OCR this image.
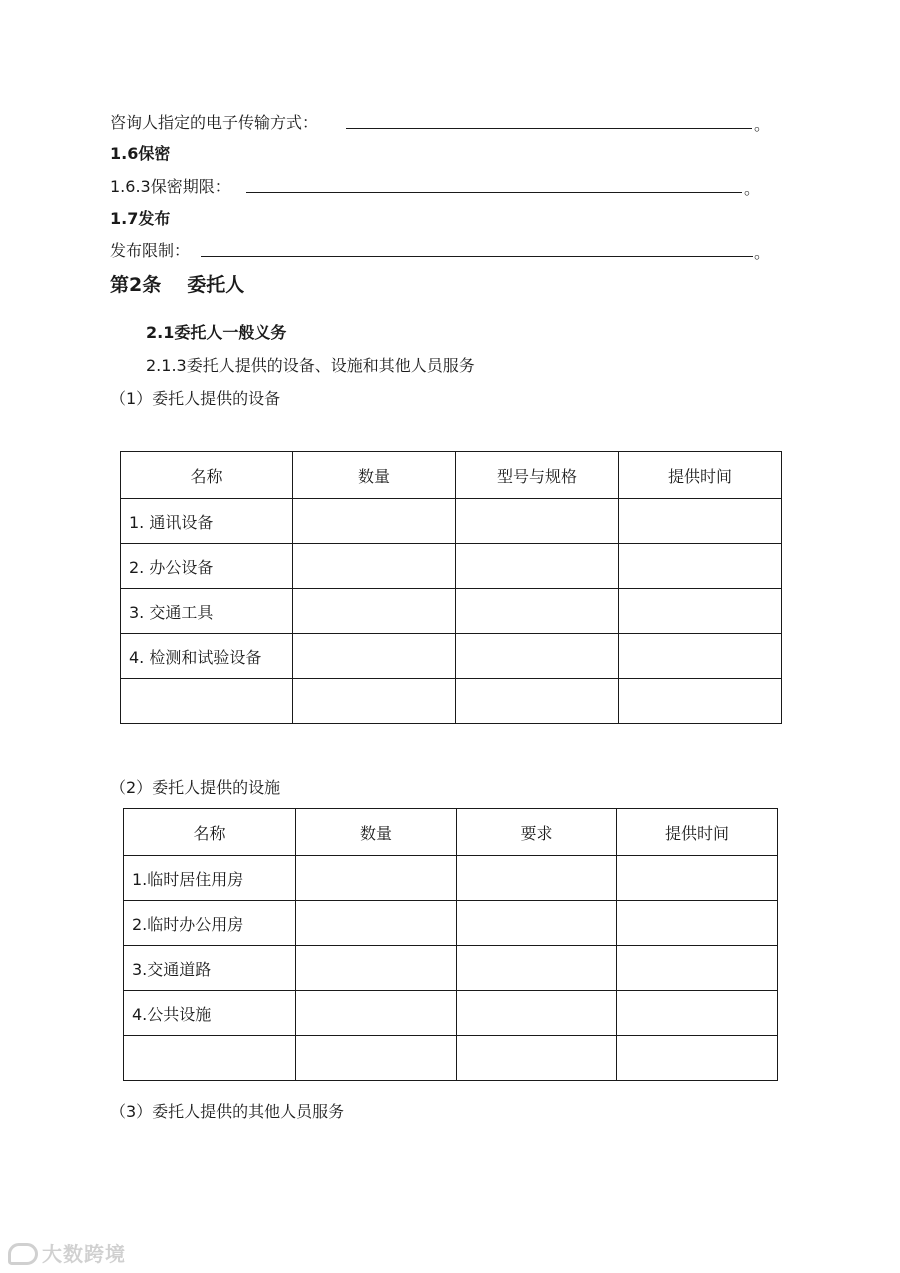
咨询人指定的电子传输方式：	。
1.6保密
1.6.3保密期限：	。
1.7发布
发布限制：	。
第2条 委托人
2.1委托人一般义务
2.1.3委托人提供的设备、设施和其他人员服务
（1）委托人提供的设备
名称	数量	型号与规格	提供时间
1. 通讯设备			
2. 办公设备			
3. 交通工具			
4. 检测和试验设备			

（2）委托人提供的设施
名称	数量	要求	提供时间
1.临时居住用房			
2.临时办公用房			
3.交通道路			
4.公共设施			

（3）委托人提供的其他人员服务
大数跨境
